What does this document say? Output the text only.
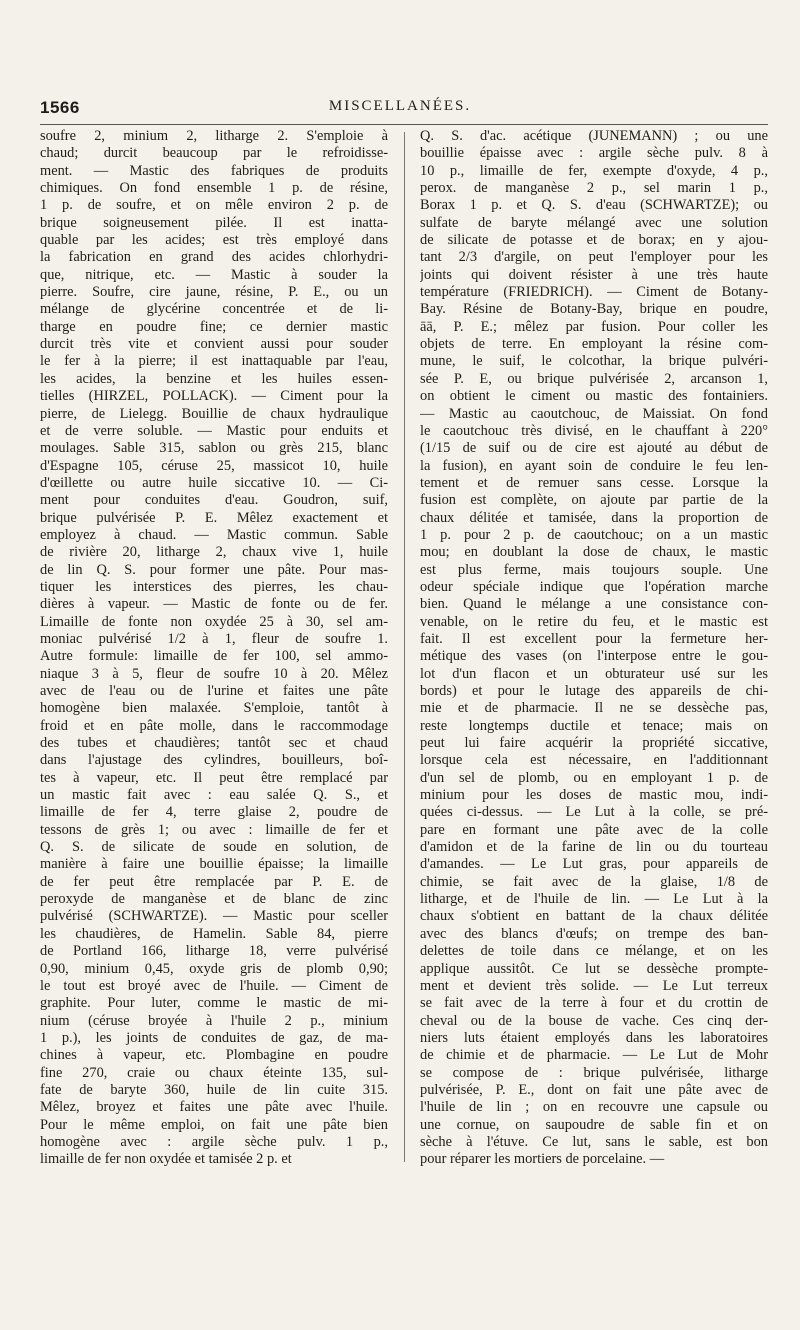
1566	MISCELLANÉES.
soufre 2, minium 2, litharge 2. S'emploie à
chaud; durcit beaucoup par le refroidisse-
ment. — Mastic des fabriques de produits
chimiques. On fond ensemble 1 p. de résine,
1 p. de soufre, et on mêle environ 2 p. de
brique soigneusement pilée. Il est inatta-
quable par les acides; est très employé dans
la fabrication en grand des acides chlorhydri-
que, nitrique, etc. — Mastic à souder la
pierre. Soufre, cire jaune, résine, P. E., ou un
mélange de glycérine concentrée et de li-
tharge en poudre fine; ce dernier mastic
durcit très vite et convient aussi pour souder
le fer à la pierre; il est inattaquable par l'eau,
les acides, la benzine et les huiles essen-
tielles (HIRZEL, POLLACK). — Ciment pour la
pierre, de Lielegg. Bouillie de chaux hydraulique
et de verre soluble. — Mastic pour enduits et
moulages. Sable 315, sablon ou grès 215, blanc
d'Espagne 105, céruse 25, massicot 10, huile
d'œillette ou autre huile siccative 10. — Ci-
ment pour conduites d'eau. Goudron, suif,
brique pulvérisée P. E. Mêlez exactement et
employez à chaud. — Mastic commun. Sable
de rivière 20, litharge 2, chaux vive 1, huile
de lin Q. S. pour former une pâte. Pour mas-
tiquer les interstices des pierres, les chau-
dières à vapeur. — Mastic de fonte ou de fer.
Limaille de fonte non oxydée 25 à 30, sel am-
moniac pulvérisé 1/2 à 1, fleur de soufre 1.
Autre formule: limaille de fer 100, sel ammo-
niaque 3 à 5, fleur de soufre 10 à 20. Mêlez
avec de l'eau ou de l'urine et faites une pâte
homogène bien malaxée. S'emploie, tantôt à
froid et en pâte molle, dans le raccommodage
des tubes et chaudières; tantôt sec et chaud
dans l'ajustage des cylindres, bouilleurs, boî-
tes à vapeur, etc. Il peut être remplacé par
un mastic fait avec : eau salée Q. S., et
limaille de fer 4, terre glaise 2, poudre de
tessons de grès 1; ou avec : limaille de fer et
Q. S. de silicate de soude en solution, de
manière à faire une bouillie épaisse; la limaille
de fer peut être remplacée par P. E. de
peroxyde de manganèse et de blanc de zinc
pulvérisé (SCHWARTZE). — Mastic pour sceller
les chaudières, de Hamelin. Sable 84, pierre
de Portland 166, litharge 18, verre pulvérisé
0,90, minium 0,45, oxyde gris de plomb 0,90;
le tout est broyé avec de l'huile. — Ciment de
graphite. Pour luter, comme le mastic de mi-
nium (céruse broyée à l'huile 2 p., minium
1 p.), les joints de conduites de gaz, de ma-
chines à vapeur, etc. Plombagine en poudre
fine 270, craie ou chaux éteinte 135, sul-
fate de baryte 360, huile de lin cuite 315.
Mêlez, broyez et faites une pâte avec l'huile.
Pour le même emploi, on fait une pâte bien
homogène avec : argile sèche pulv. 1 p.,
limaille de fer non oxydée et tamisée 2 p. et
Q. S. d'ac. acétique (JUNEMANN) ; ou une
bouillie épaisse avec : argile sèche pulv. 8 à
10 p., limaille de fer, exempte d'oxyde, 4 p.,
perox. de manganèse 2 p., sel marin 1 p.,
Borax 1 p. et Q. S. d'eau (SCHWARTZE); ou
sulfate de baryte mélangé avec une solution
de silicate de potasse et de borax; en y ajou-
tant 2/3 d'argile, on peut l'employer pour les
joints qui doivent résister à une très haute
température (FRIEDRICH). — Ciment de Botany-
Bay. Résine de Botany-Bay, brique en poudre,
āā, P. E.; mêlez par fusion. Pour coller les
objets de terre. En employant la résine com-
mune, le suif, le colcothar, la brique pulvéri-
sée P. E, ou brique pulvérisée 2, arcanson 1,
on obtient le ciment ou mastic des fontainiers.
— Mastic au caoutchouc, de Maissiat. On fond
le caoutchouc très divisé, en le chauffant à 220°
(1/15 de suif ou de cire est ajouté au début de
la fusion), en ayant soin de conduire le feu len-
tement et de remuer sans cesse. Lorsque la
fusion est complète, on ajoute par partie de la
chaux délitée et tamisée, dans la proportion de
1 p. pour 2 p. de caoutchouc; on a un mastic
mou; en doublant la dose de chaux, le mastic
est plus ferme, mais toujours souple. Une
odeur spéciale indique que l'opération marche
bien. Quand le mélange a une consistance con-
venable, on le retire du feu, et le mastic est
fait. Il est excellent pour la fermeture her-
métique des vases (on l'interpose entre le gou-
lot d'un flacon et un obturateur usé sur les
bords) et pour le lutage des appareils de chi-
mie et de pharmacie. Il ne se dessèche pas,
reste longtemps ductile et tenace; mais on
peut lui faire acquérir la propriété siccative,
lorsque cela est nécessaire, en l'additionnant
d'un sel de plomb, ou en employant 1 p. de
minium pour les doses de mastic mou, indi-
quées ci-dessus. — Le Lut à la colle, se pré-
pare en formant une pâte avec de la colle
d'amidon et de la farine de lin ou du tourteau
d'amandes. — Le Lut gras, pour appareils de
chimie, se fait avec de la glaise, 1/8 de
litharge, et de l'huile de lin. — Le Lut à la
chaux s'obtient en battant de la chaux délitée
avec des blancs d'œufs; on trempe des ban-
delettes de toile dans ce mélange, et on les
applique aussitôt. Ce lut se dessèche prompte-
ment et devient très solide. — Le Lut terreux
se fait avec de la terre à four et du crottin de
cheval ou de la bouse de vache. Ces cinq der-
niers luts étaient employés dans les laboratoires
de chimie et de pharmacie. — Le Lut de Mohr
se compose de : brique pulvérisée, litharge
pulvérisée, P. E., dont on fait une pâte avec de
l'huile de lin ; on en recouvre une capsule ou
une cornue, on saupoudre de sable fin et on
sèche à l'étuve. Ce lut, sans le sable, est bon
pour réparer les mortiers de porcelaine. —
